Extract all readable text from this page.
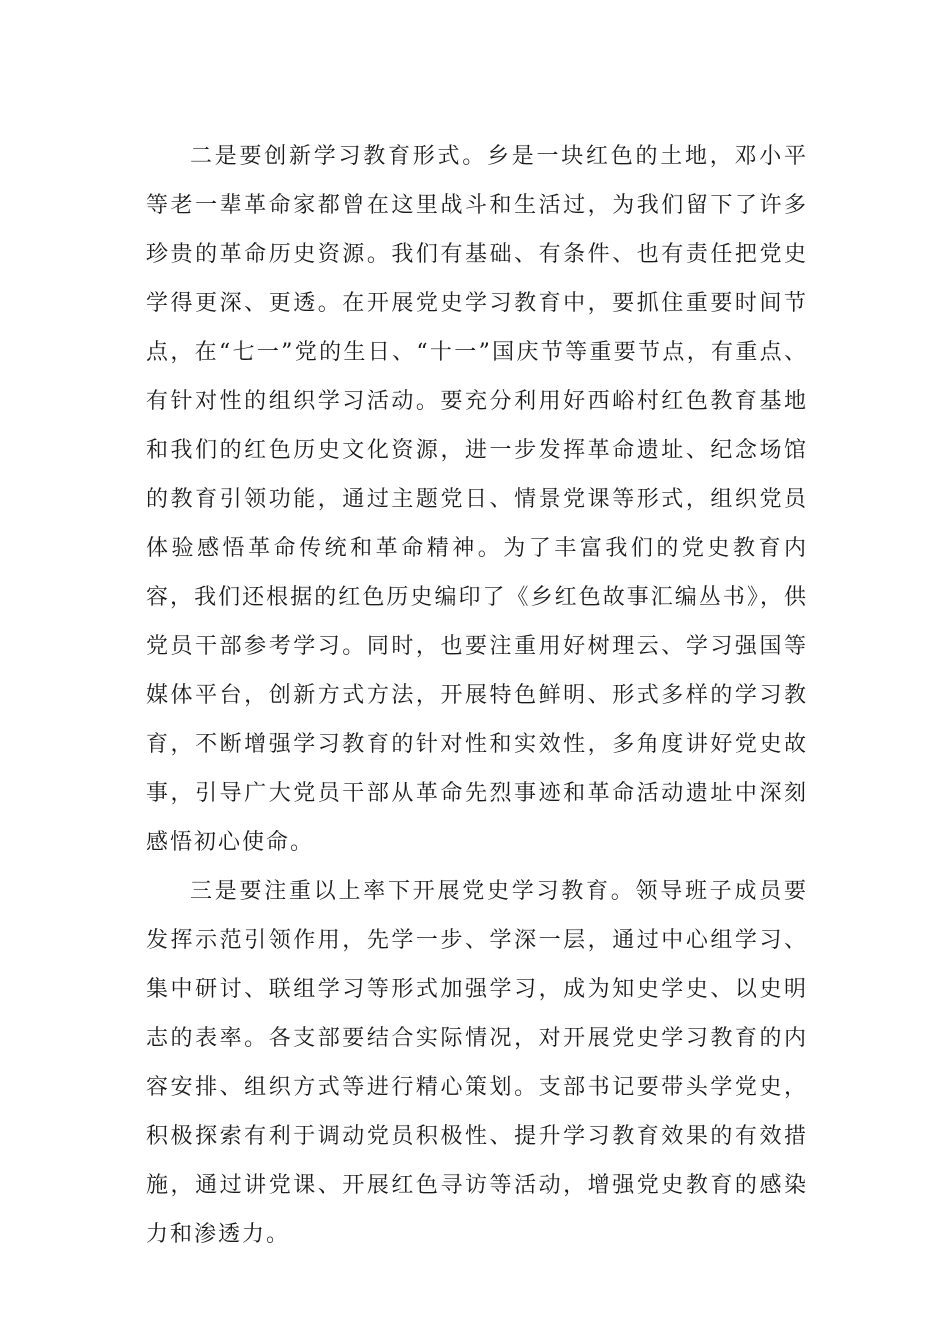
二是要创新学习教育形式。乡是一块红色的土地，邓小平等老一辈革命家都曾在这里战斗和生活过，为我们留下了许多珍贵的革命历史资源。我们有基础、有条件、也有责任把党史学得更深、更透。在开展党史学习教育中，要抓住重要时间节点，在“七一”党的生日、“十一”国庆节等重要节点，有重点、有针对性的组织学习活动。要充分利用好西峪村红色教育基地和我们的红色历史文化资源，进一步发挥革命遗址、纪念场馆的教育引领功能，通过主题党日、情景党课等形式，组织党员体验感悟革命传统和革命精神。为了丰富我们的党史教育内容，我们还根据的红色历史编印了《乡红色故事汇编丛书》，供党员干部参考学习。同时，也要注重用好树理云、学习强国等媒体平台，创新方式方法，开展特色鲜明、形式多样的学习教育，不断增强学习教育的针对性和实效性，多角度讲好党史故事，引导广大党员干部从革命先烈事迹和革命活动遗址中深刻感悟初心使命。

三是要注重以上率下开展党史学习教育。领导班子成员要发挥示范引领作用，先学一步、学深一层，通过中心组学习、集中研讨、联组学习等形式加强学习，成为知史学史、以史明志的表率。各支部要结合实际情况，对开展党史学习教育的内容安排、组织方式等进行精心策划。支部书记要带头学党史，积极探索有利于调动党员积极性、提升学习教育效果的有效措施，通过讲党课、开展红色寻访等活动，增强党史教育的感染力和渗透力。
